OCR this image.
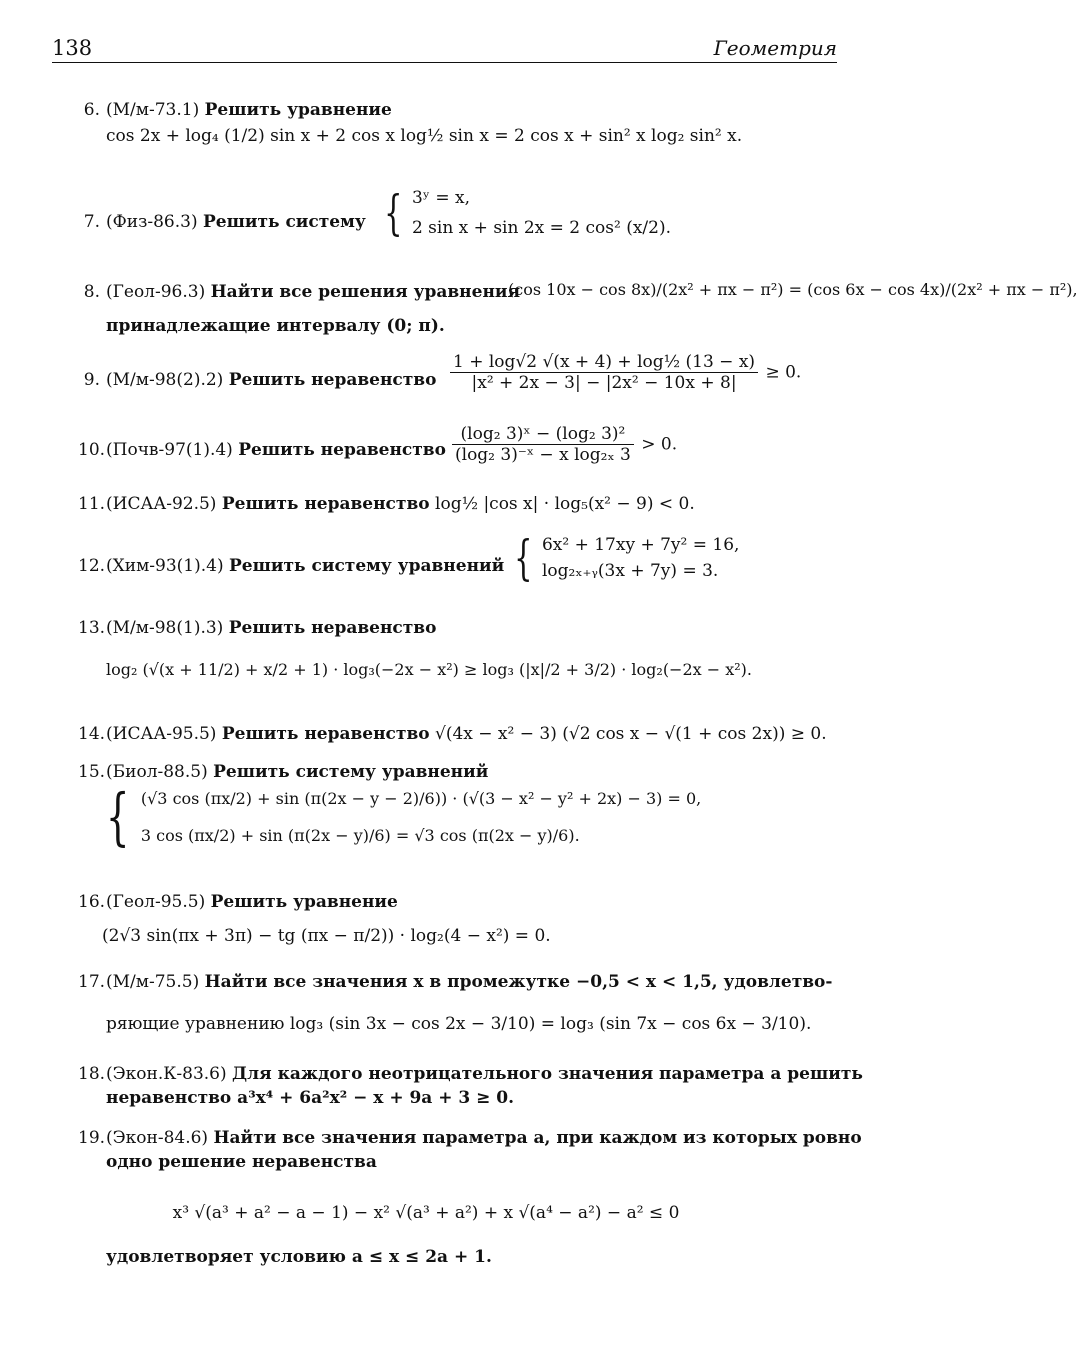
138	Геометрия
6. (М/м-73.1) Решить уравнение
cos 2x + log₄ (1/2) sin x + 2 cos x log½ sin x = 2 cos x + sin² x log₂ sin² x.
7. (Физ-86.3) Решить систему { 3ʸ = x,
2 sin x + sin 2x = 2 cos² (x/2).
8. (Геол-96.3) Найти все решения уравнения
(cos 10x − cos 8x)/(2x² + πx − π²) = (cos 6x − cos 4x)/(2x² + πx − π²),
принадлежащие интервалу (0; π).
9. (М/м-98(2).2) Решить неравенство $\frac{\text{1 + log√2 √(x + 4) + log½ (13 − x)}}{\text{|x² + 2x − 3| − |2x² − 10x + 8|}} \ge 0$.
10. (Почв-97(1).4) Решить неравенство $\frac{\text{(log₂ 3)ˣ − (log₂ 3)²}}{\text{(log₂ 3)⁻ˣ − x log₂ₓ 3}} > 0$.
11. (ИСАА-92.5) Решить неравенство log½ |cos x| · log₅(x² − 9) < 0.
12. (Хим-93(1).4) Решить систему уравнений { 6x² + 17xy + 7y² = 16,
log₂ₓ₊ᵧ(3x + 7y) = 3.
13. (М/м-98(1).3) Решить неравенство
log₂ (√(x + 11/2) + x/2 + 1) · log₃(−2x − x²) ≥ log₃ (|x|/2 + 3/2) · log₂(−2x − x²).
14. (ИСАА-95.5) Решить неравенство √(4x − x² − 3) (√2 cos x − √(1 + cos 2x)) ≥ 0.
15. (Биол-88.5) Решить систему уравнений
{ (√3 cos (πx/2) + sin (π(2x − y − 2)/6)) · (√(3 − x² − y² + 2x) − 3) = 0,
3 cos (πx/2) + sin (π(2x − y)/6) = √3 cos (π(2x − y)/6).
16. (Геол-95.5) Решить уравнение
(2√3 sin(πx + 3π) − tg (πx − π/2)) · log₂(4 − x²) = 0.
17. (М/м-75.5) Найти все значения x в промежутке −0,5 < x < 1,5, удовлетво-
ряющие уравнению log₃ (sin 3x − cos 2x − 3/10) = log₃ (sin 7x − cos 6x − 3/10).
18. (Экон.К-83.6) Для каждого неотрицательного значения параметра a решить
неравенство a³x⁴ + 6a²x² − x + 9a + 3 ≥ 0.
19. (Экон-84.6) Найти все значения параметра a, при каждом из которых ровно
одно решение неравенства
x³ √(a³ + a² − a − 1) − x² √(a³ + a²) + x √(a⁴ − a²) − a² ≤ 0
удовлетворяет условию a ≤ x ≤ 2a + 1.
